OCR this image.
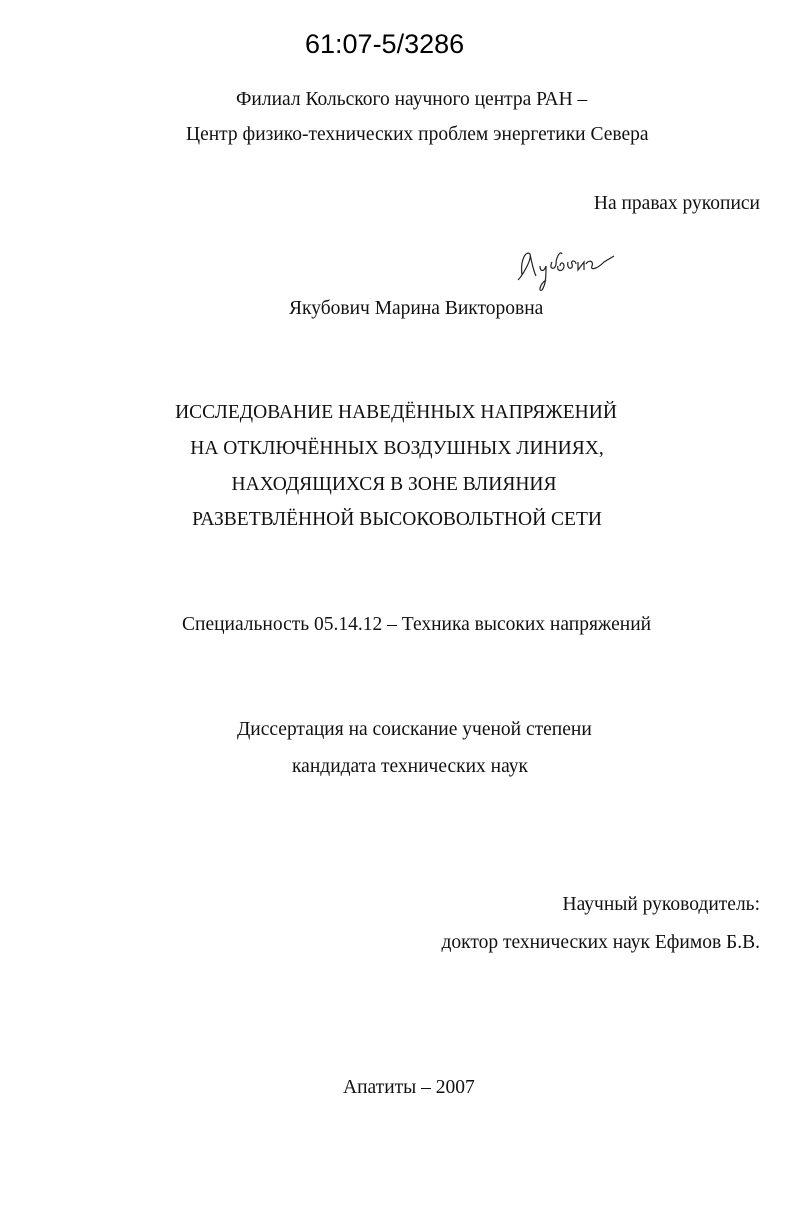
61:07-5/3286
Филиал Кольского научного центра РАН –
Центр физико-технических проблем энергетики Севера
На правах рукописи
Якубович Марина Викторовна
ИССЛЕДОВАНИЕ НАВЕДЁННЫХ НАПРЯЖЕНИЙ
НА ОТКЛЮЧЁННЫХ ВОЗДУШНЫХ ЛИНИЯХ,
НАХОДЯЩИХСЯ В ЗОНЕ ВЛИЯНИЯ
РАЗВЕТВЛЁННОЙ ВЫСОКОВОЛЬТНОЙ СЕТИ
Специальность 05.14.12 – Техника высоких напряжений
Диссертация на соискание ученой степени
кандидата технических наук
Научный руководитель:
доктор технических наук Ефимов Б.В.
Апатиты – 2007
